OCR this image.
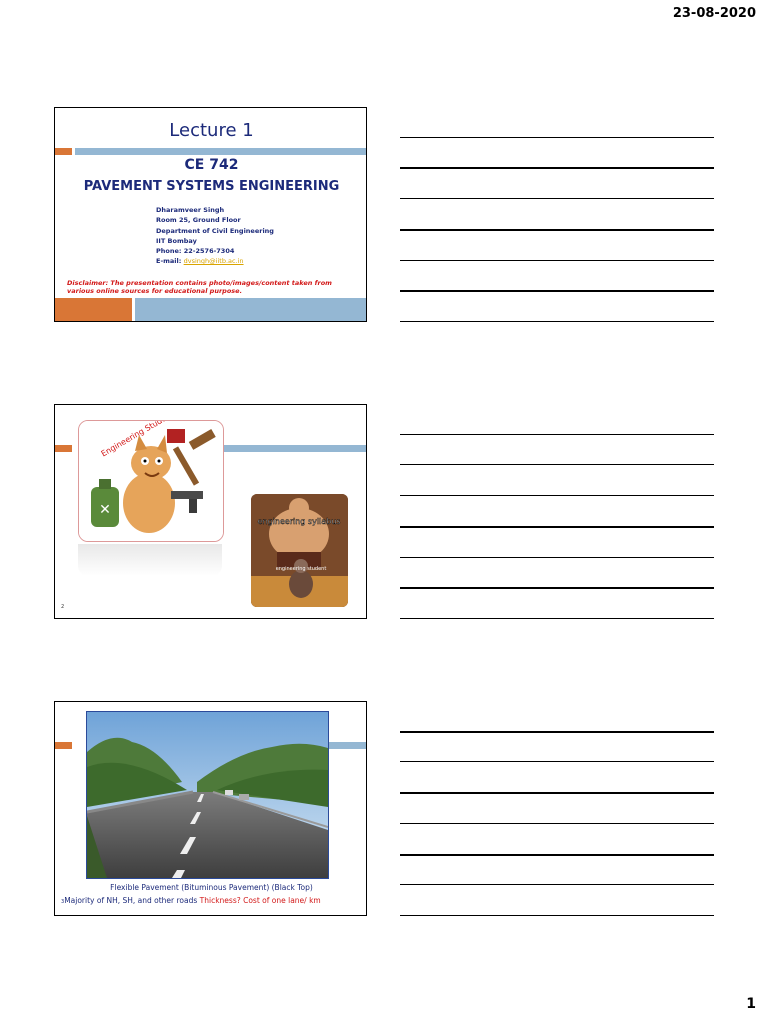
23-08-2020
Lecture 1
CE 742
PAVEMENT SYSTEMS ENGINEERING
Dharamveer Singh
Room 25, Ground Floor
Department of Civil Engineering
IIT Bombay
Phone: 22-2576-7304
E-mail: dvsingh@iitb.ac.in
Disclaimer: The presentation contains photo/images/content taken from various online sources for educational purpose.
✕
engineering syllabus
engineering student
2
Flexible Pavement (Bituminous Pavement) (Black Top)
3Majority of NH, SH, and other roads Thickness? Cost of one lane/ km
1
